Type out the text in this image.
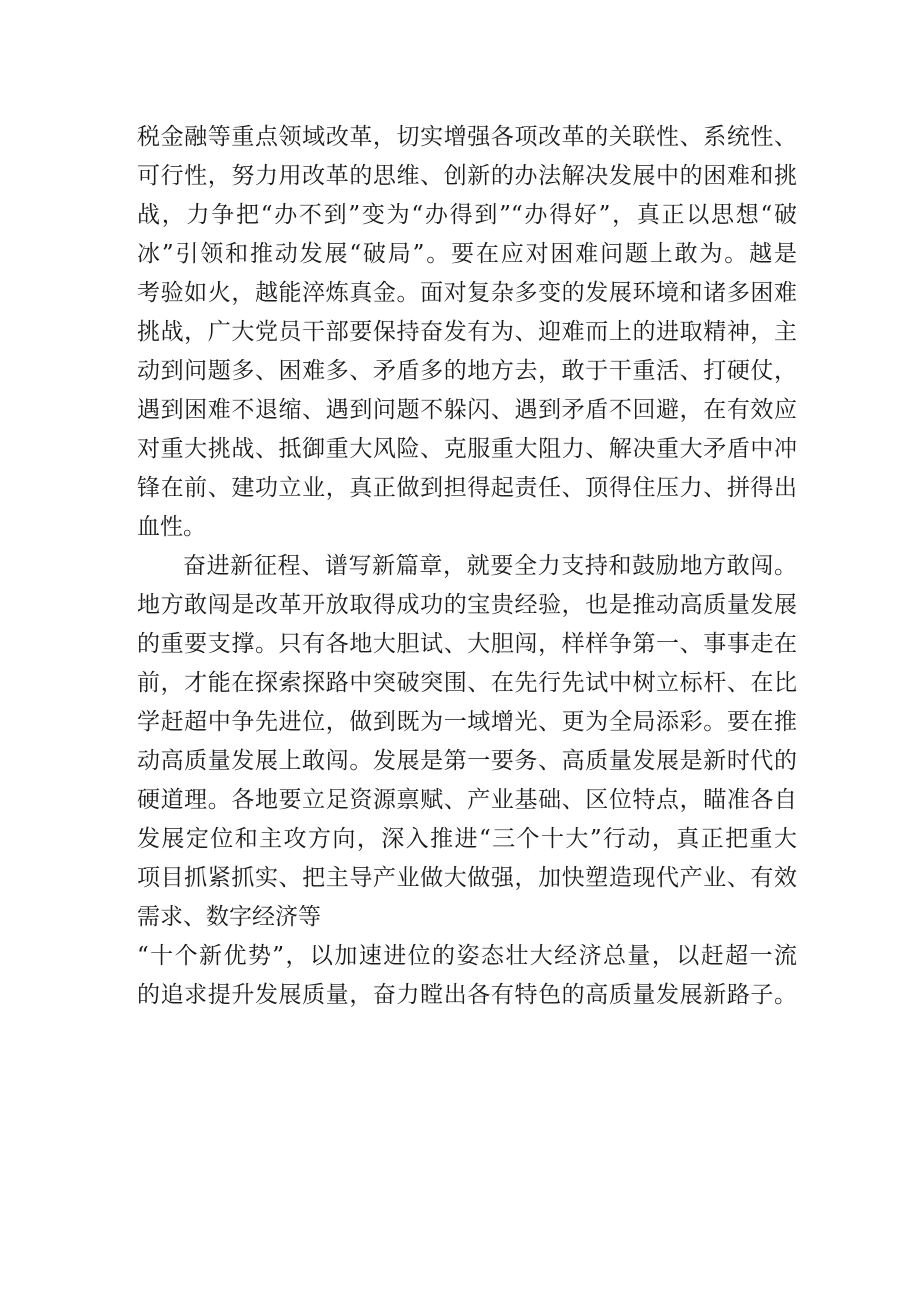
税金融等重点领域改革，切实增强各项改革的关联性、系统性、
可行性，努力用改革的思维、创新的办法解决发展中的困难和挑
战，力争把“办不到”变为“办得到”“办得好”，真正以思想“破
冰”引领和推动发展“破局”。要在应对困难问题上敢为。越是
考验如火，越能淬炼真金。面对复杂多变的发展环境和诸多困难
挑战，广大党员干部要保持奋发有为、迎难而上的进取精神，主
动到问题多、困难多、矛盾多的地方去，敢于干重活、打硬仗，
遇到困难不退缩、遇到问题不躲闪、遇到矛盾不回避，在有效应
对重大挑战、抵御重大风险、克服重大阻力、解决重大矛盾中冲
锋在前、建功立业，真正做到担得起责任、顶得住压力、拼得出
血性。
奋进新征程、谱写新篇章，就要全力支持和鼓励地方敢闯。
地方敢闯是改革开放取得成功的宝贵经验，也是推动高质量发展
的重要支撑。只有各地大胆试、大胆闯，样样争第一、事事走在
前，才能在探索探路中突破突围、在先行先试中树立标杆、在比
学赶超中争先进位，做到既为一域增光、更为全局添彩。要在推
动高质量发展上敢闯。发展是第一要务、高质量发展是新时代的
硬道理。各地要立足资源禀赋、产业基础、区位特点，瞄准各自
发展定位和主攻方向，深入推进“三个十大”行动，真正把重大
项目抓紧抓实、把主导产业做大做强，加快塑造现代产业、有效
需求、数字经济等
“十个新优势”，以加速进位的姿态壮大经济总量，以赶超一流
的追求提升发展质量，奋力瞠出各有特色的高质量发展新路子。
